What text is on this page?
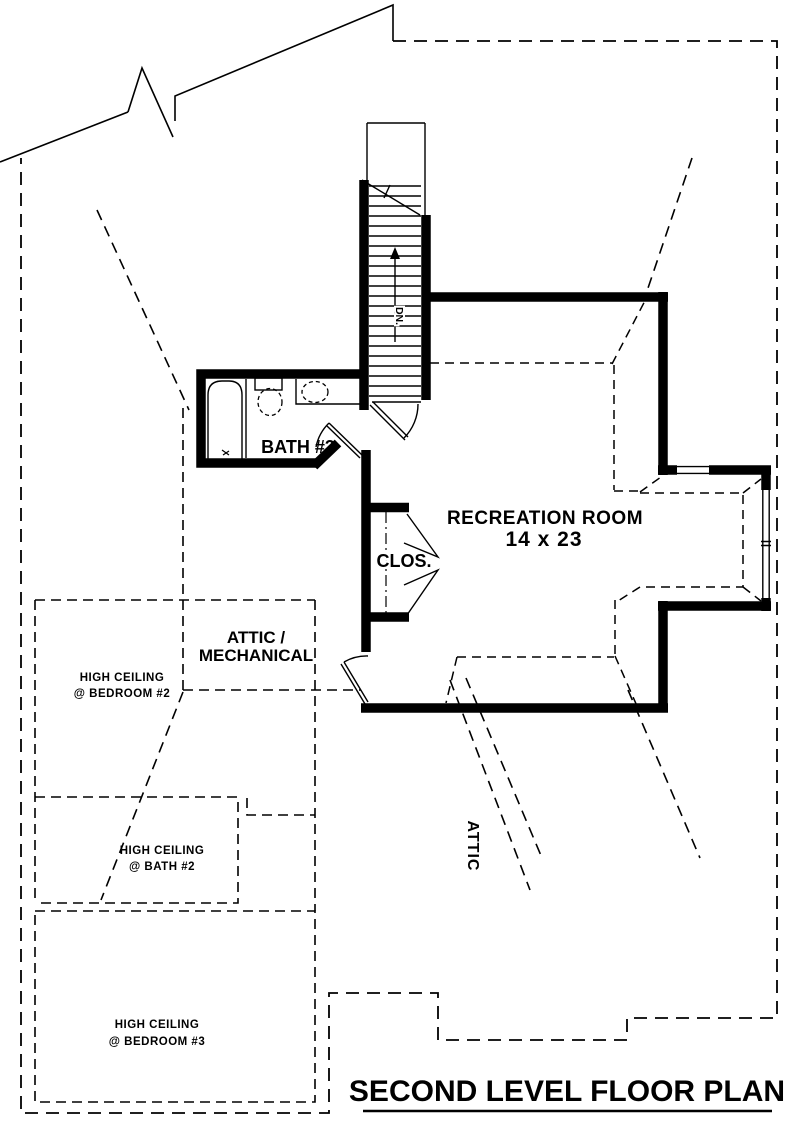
DN.
RECREATION ROOM
14 x 23
BATH #3
CLOS.
ATTIC /
MECHANICAL
HIGH CEILING
@ BEDROOM #2
HIGH CEILING
@ BATH #2
HIGH CEILING
@ BEDROOM #3
ATTIC
SECOND LEVEL FLOOR PLAN
